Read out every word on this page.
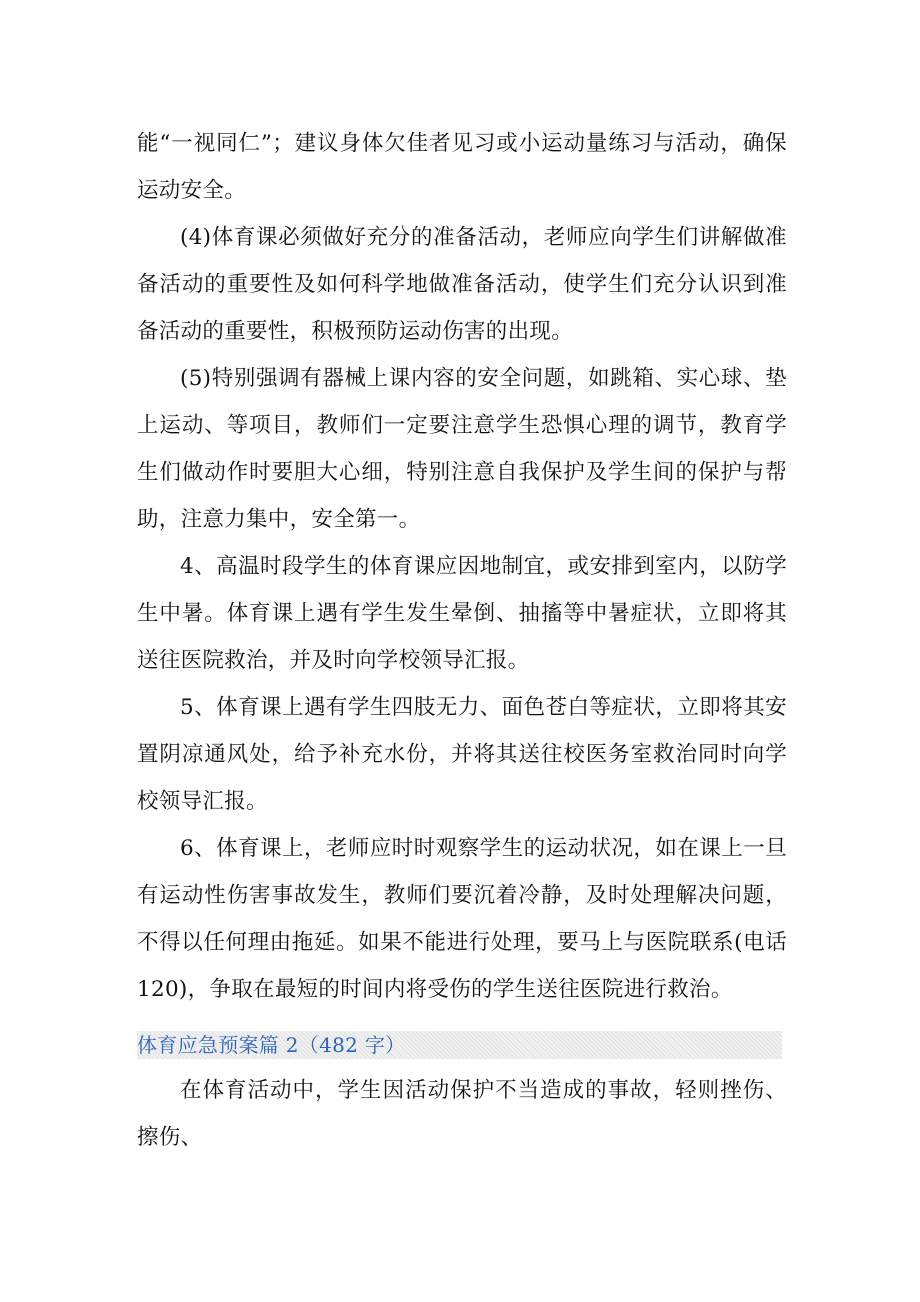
能“一视同仁”；建议身体欠佳者见习或小运动量练习与活动，确保运动安全。

(4)体育课必须做好充分的准备活动，老师应向学生们讲解做准备活动的重要性及如何科学地做准备活动，使学生们充分认识到准备活动的重要性，积极预防运动伤害的出现。

(5)特别强调有器械上课内容的安全问题，如跳箱、实心球、垫上运动、等项目，教师们一定要注意学生恐惧心理的调节，教育学生们做动作时要胆大心细，特别注意自我保护及学生间的保护与帮助，注意力集中，安全第一。

4、高温时段学生的体育课应因地制宜，或安排到室内，以防学生中暑。体育课上遇有学生发生晕倒、抽搐等中暑症状，立即将其送往医院救治，并及时向学校领导汇报。

5、体育课上遇有学生四肢无力、面色苍白等症状，立即将其安置阴凉通风处，给予补充水份，并将其送往校医务室救治同时向学校领导汇报。

6、体育课上，老师应时时观察学生的运动状况，如在课上一旦有运动性伤害事故发生，教师们要沉着冷静，及时处理解决问题，不得以任何理由拖延。如果不能进行处理，要马上与医院联系(电话120)，争取在最短的时间内将受伤的学生送往医院进行救治。

体育应急预案篇 2（482 字）

在体育活动中，学生因活动保护不当造成的事故，轻则挫伤、擦伤、
